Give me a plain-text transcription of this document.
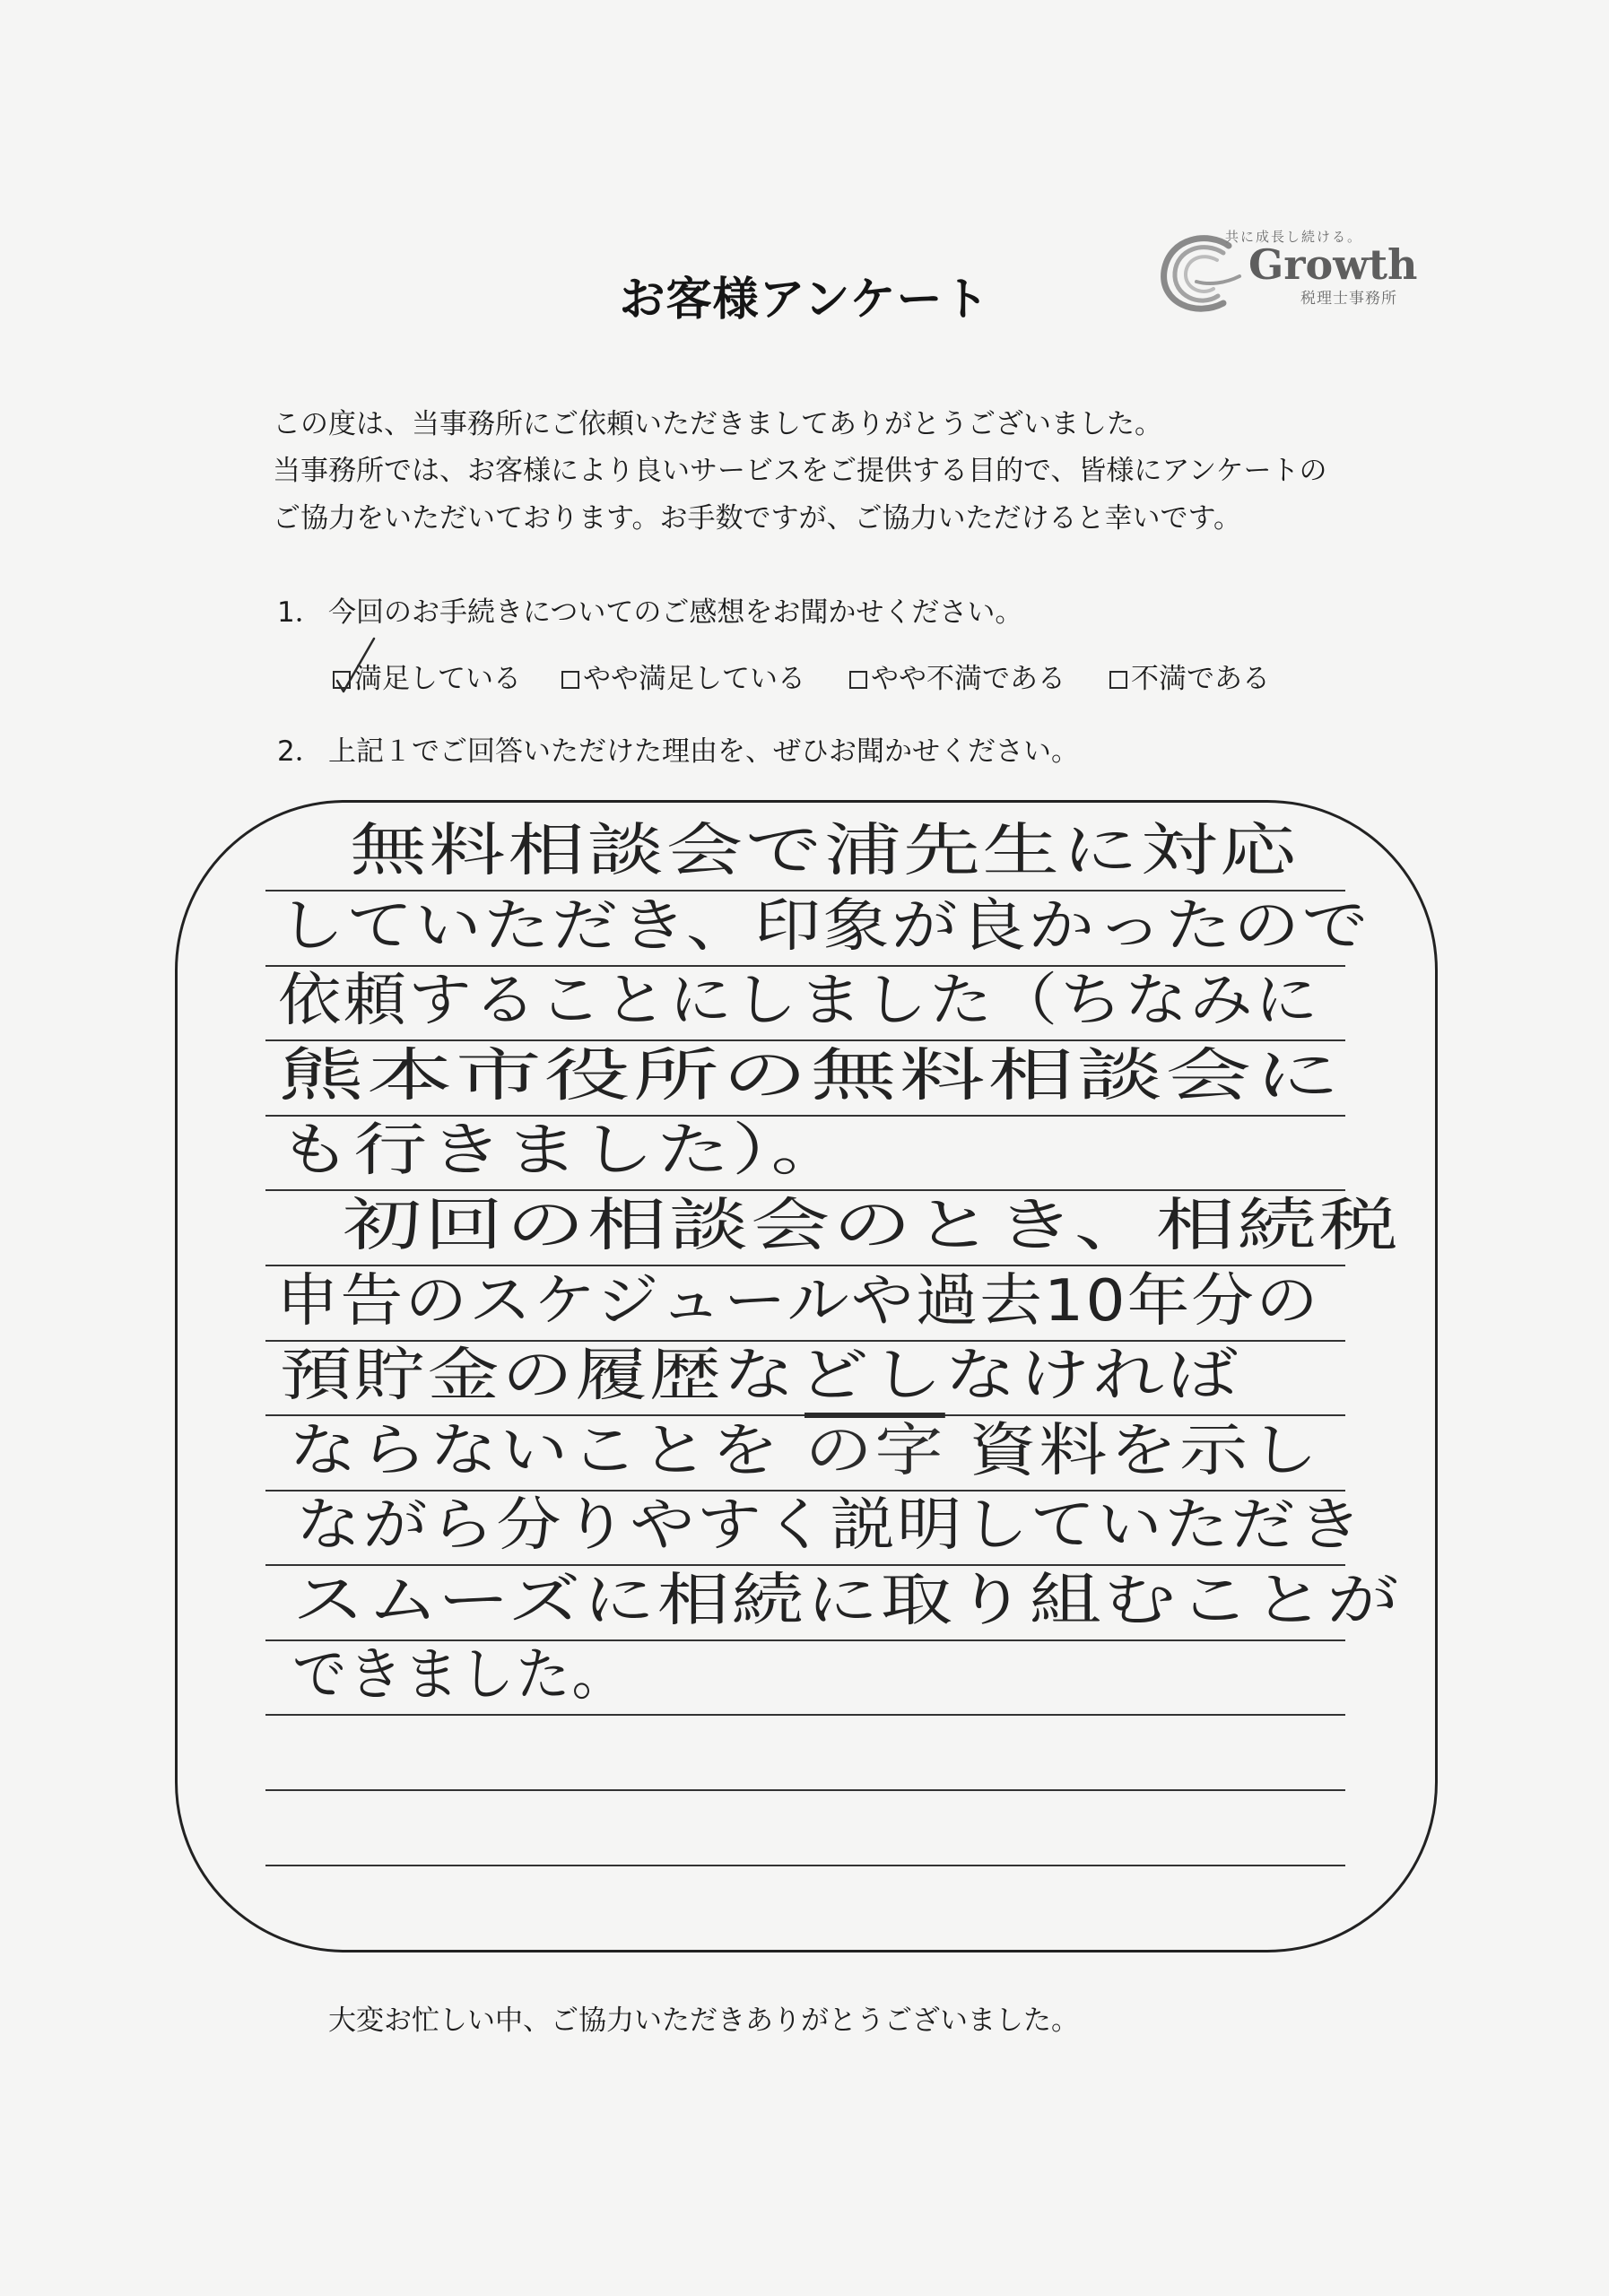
お客様アンケート
共に成長し続ける。
Growth
税理士事務所
この度は、当事務所にご依頼いただきましてありがとうございました。
当事務所では、お客様により良いサービスをご提供する目的で、皆様にアンケートの
ご協力をいただいております。お手数ですが、ご協力いただけると幸いです。
1． 今回のお手続きについてのご感想をお聞かせください。
満足している	やや満足している	やや不満である	不満である
2． 上記１でご回答いただけた理由を、ぜひお聞かせください。
無料相談会で浦先生に対応
していただき、印象が良かったので
依頼することにしました（ちなみに
熊本市役所の無料相談会に
も行きました）。
初回の相談会のとき、相続税
申告のスケジュールや過去10年分の
預貯金の履歴などしなければ
ならないことを の字 資料を示し
ながら分りやすく説明していただき
スムーズに相続に取り組むことが
できました。
大変お忙しい中、ご協力いただきありがとうございました。
